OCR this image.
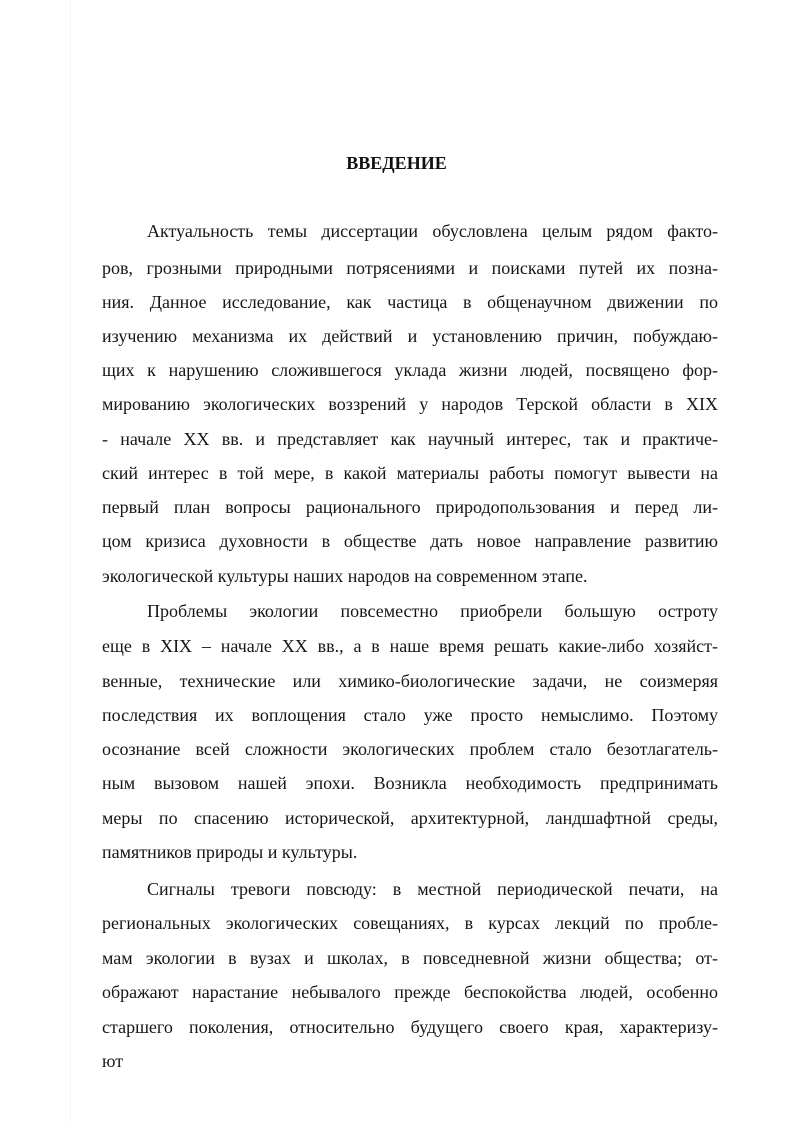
ВВЕДЕНИЕ

Актуальность темы диссертации обусловлена целым рядом факто-

ров, грозными природными потрясениями и поисками путей их позна-

ния. Данное исследование, как частица в общенаучном движении по

изучению механизма их действий и установлению причин, побуждаю-

щих к нарушению сложившегося уклада жизни людей, посвящено фор-

мированию экологических воззрений у народов Терской области в XIX

- начале XX вв. и представляет как научный интерес, так и практиче-

ский интерес в той мере, в какой материалы работы помогут вывести на

первый план вопросы рационального природопользования и перед ли-

цом кризиса духовности в обществе дать новое направление развитию

экологической культуры наших народов на современном этапе.

Проблемы экологии повсеместно приобрели большую остроту

еще в XIX – начале XX вв., а в наше время решать какие-либо хозяйст-

венные, технические или химико-биологические задачи, не соизмеряя

последствия их воплощения стало уже просто немыслимо. Поэтому

осознание всей сложности экологических проблем стало безотлагатель-

ным вызовом нашей эпохи. Возникла необходимость предпринимать

меры по спасению исторической, архитектурной, ландшафтной среды,

памятников природы и культуры.

Сигналы тревоги повсюду: в местной периодической печати, на

региональных экологических совещаниях, в курсах лекций по пробле-

мам экологии в вузах и школах, в повседневной жизни общества; от-

ображают нарастание небывалого прежде беспокойства людей, особенно

старшего поколения, относительно будущего своего края, характеризу-

ют
